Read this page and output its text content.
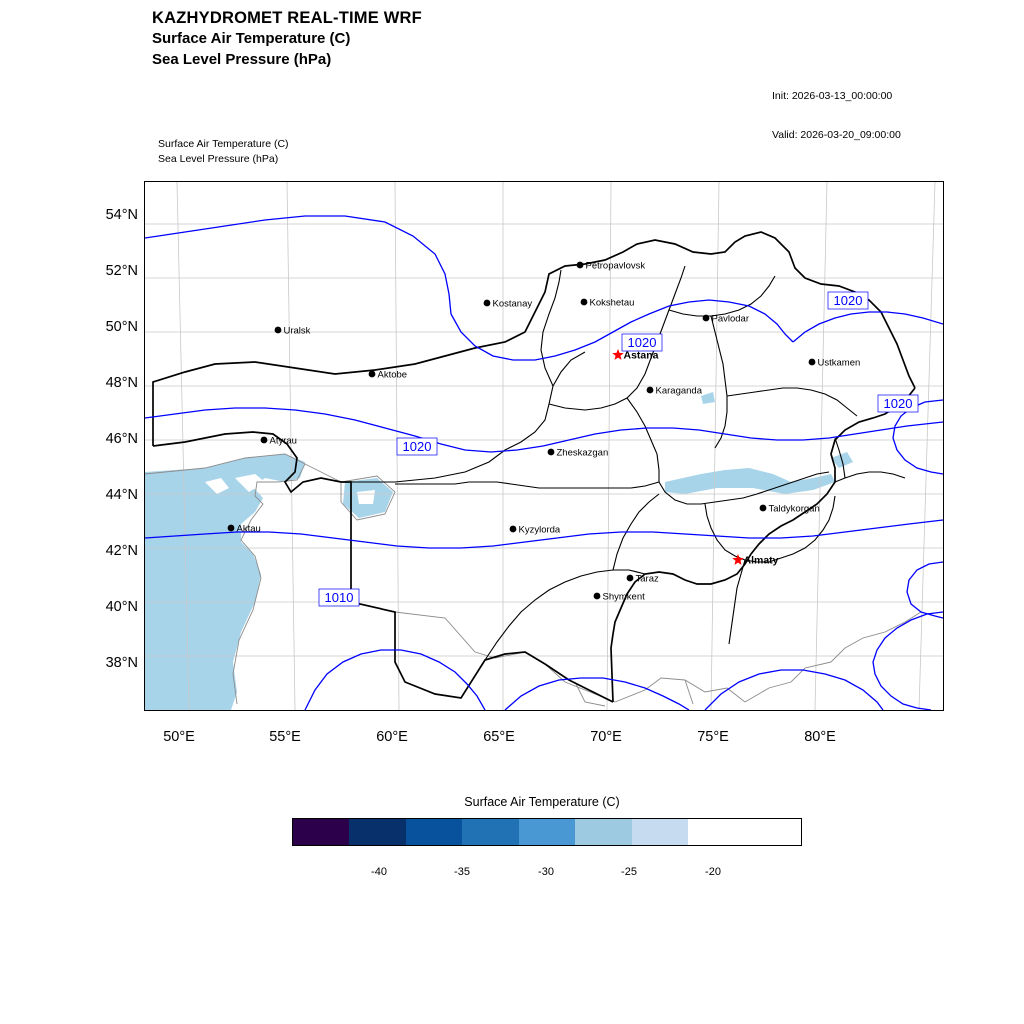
KAZHYDROMET REAL-TIME WRF
Surface Air Temperature (C)
Sea Level Pressure (hPa)

Init: 2026-03-13_00:00:00

Valid: 2026-03-20_09:00:00

Surface Air Temperature (C)
Sea Level Pressure (hPa)
1020
1020
1020
1020
1010
Uralsk
Aktobe
Kostanay
Petropavlovsk
Kokshetau
Pavlodar
Astana
Karaganda
Ustkamen
Atyrau
Zheskazgan
Aktau	Kyzylorda
Taldykorgan
Almaty
Taraz
Shymkent
54°N
52°N
50°N
48°N
46°N
44°N
42°N
40°N
38°N
50°E	55°E	60°E	65°E	70°E	75°E	80°E
Surface Air Temperature (C)
-40	-35	-30	-25	-20
